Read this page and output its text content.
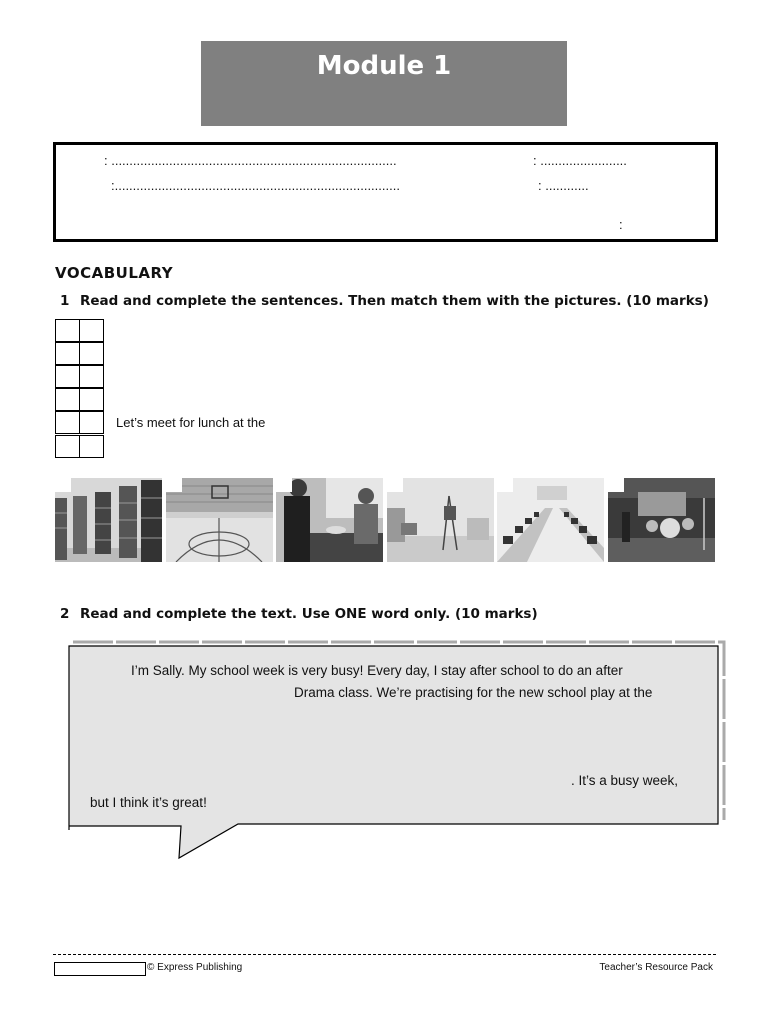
Module 1
: ...............................................................................	: ........................
:...............................................................................	: ............
:
VOCABULARY
1 Read and complete the sentences. Then match them with the pictures. (10 marks)
Let’s meet for lunch at the
2 Read and complete the text. Use ONE word only. (10 marks)
I’m Sally. My school week is very busy! Every day, I stay after school to do an after
Drama class. We’re practising for the new school play at the
. It’s a busy week,
but I think it’s great!
© Express Publishing	Teacher’s Resource Pack
